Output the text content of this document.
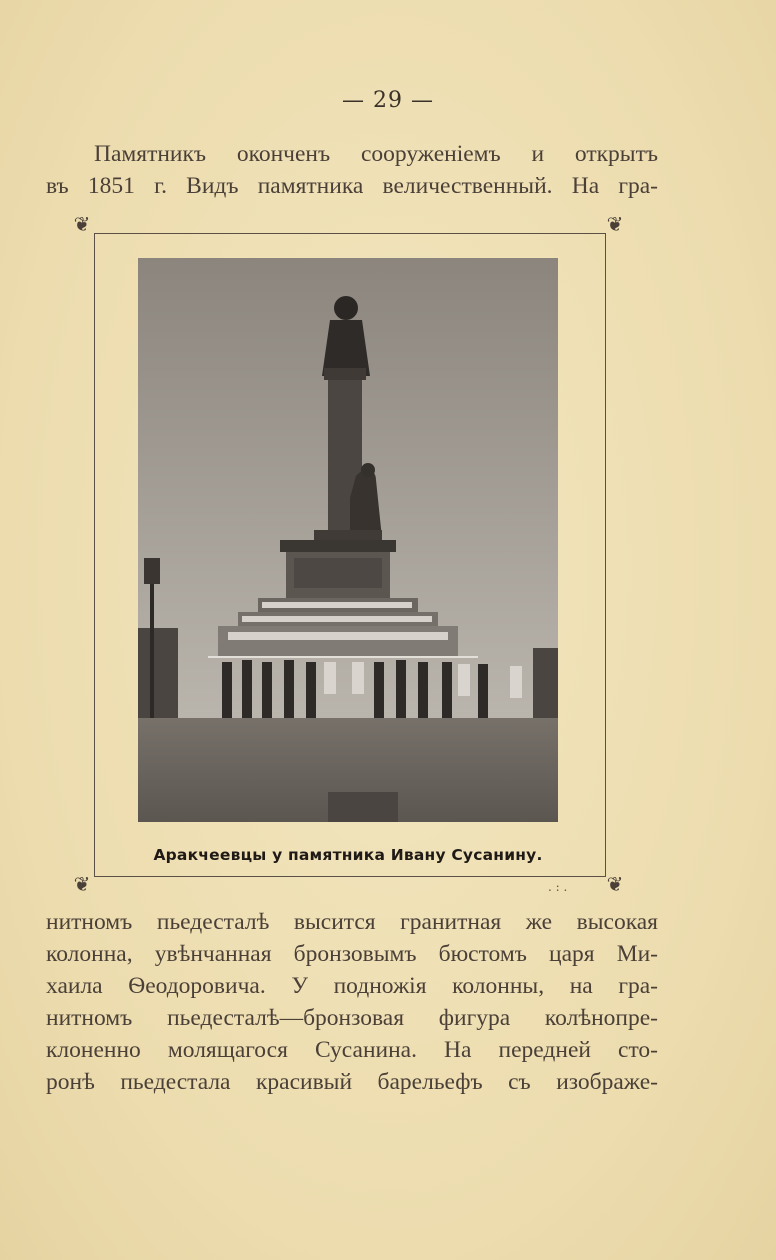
— 29 —
Памятникъ оконченъ сооруженіемъ и открытъ
въ 1851 г. Видъ памятника величественный. На гра-
❦	❦
❦	❦
. : .
Аракчеевцы у памятника Ивану Сусанину.
нитномъ пьедесталѣ высится гранитная же высокая
колонна, увѣнчанная бронзовымъ бюстомъ царя Ми-
хаила Ѳеодоровича. У подножія колонны, на гра-
нитномъ пьедесталѣ—бронзовая фигура колѣнопре-
клоненно молящагося Сусанина. На передней сто-
ронѣ пьедестала красивый барельефъ съ изображе-
